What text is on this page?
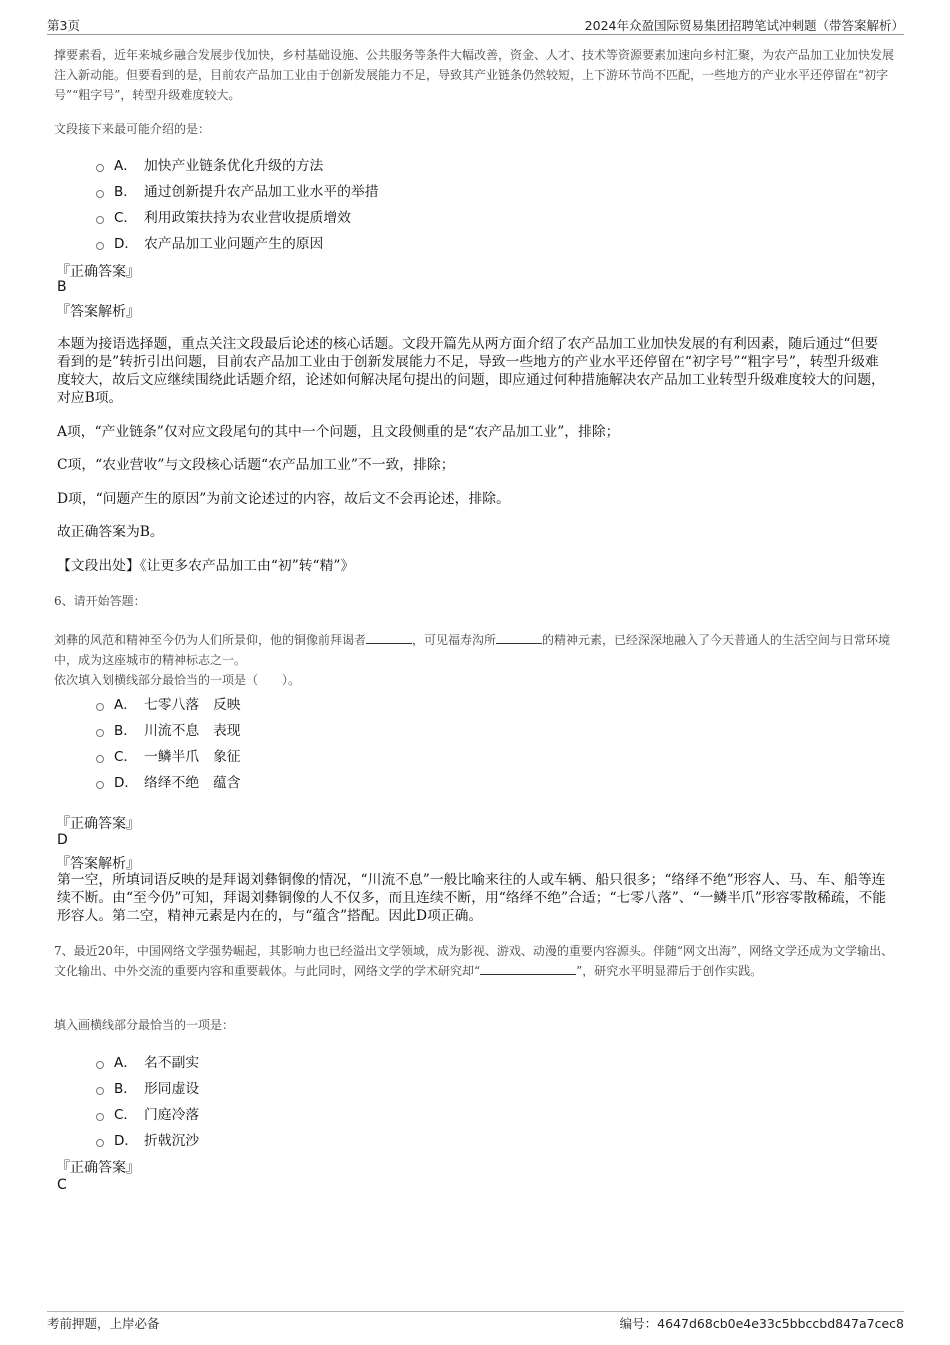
第3页	2024年众盈国际贸易集团招聘笔试冲刺题（带答案解析）
撑要素看，近年来城乡融合发展步伐加快，乡村基础设施、公共服务等条件大幅改善，资金、人才、技术等资源要素加速向乡村汇聚，为农产品加工业加快发展注入新动能。但要看到的是，目前农产品加工业由于创新发展能力不足，导致其产业链条仍然较短，上下游环节尚不匹配，一些地方的产业水平还停留在“初字号”“粗字号”，转型升级难度较大。
文段接下来最可能介绍的是：
A． 加快产业链条优化升级的方法
B． 通过创新提升农产品加工业水平的举措
C． 利用政策扶持为农业营收提质增效
D． 农产品加工业问题产生的原因
『正确答案』
B
『答案解析』
本题为接语选择题，重点关注文段最后论述的核心话题。文段开篇先从两方面介绍了农产品加工业加快发展的有利因素，随后通过“但要看到的是”转折引出问题，目前农产品加工业由于创新发展能力不足，导致一些地方的产业水平还停留在“初字号”“粗字号”，转型升级难度较大，故后文应继续围绕此话题介绍，论述如何解决尾句提出的问题，即应通过何种措施解决农产品加工业转型升级难度较大的问题，对应B项。
A项，“产业链条”仅对应文段尾句的其中一个问题，且文段侧重的是“农产品加工业”，排除；
C项，“农业营收”与文段核心话题“农产品加工业”不一致，排除；
D项，“问题产生的原因”为前文论述过的内容，故后文不会再论述，排除。
故正确答案为B。
【文段出处】《让更多农产品加工由“初”转“精”》
6、请开始答题：
刘彝的风范和精神至今仍为人们所景仰，他的铜像前拜谒者	，可见福寿沟所	的精神元素，已经深深地融入了今天普通人的生活空间与日常环境中，成为这座城市的精神标志之一。
依次填入划横线部分最恰当的一项是（　　）。
A． 七零八落　反映
B． 川流不息　表现
C． 一鳞半爪　象征
D． 络绎不绝　蕴含
『正确答案』
D
『答案解析』
第一空，所填词语反映的是拜谒刘彝铜像的情况，“川流不息”一般比喻来往的人或车辆、船只很多；“络绎不绝”形容人、马、车、船等连续不断。由“至今仍”可知，拜谒刘彝铜像的人不仅多，而且连续不断，用“络绎不绝”合适；“七零八落”、“一鳞半爪”形容零散稀疏，不能形容人。第二空，精神元素是内在的，与“蕴含”搭配。因此D项正确。
7、最近20年，中国网络文学强势崛起，其影响力也已经溢出文学领域，成为影视、游戏、动漫的重要内容源头。伴随“网文出海”，网络文学还成为文学输出、文化输出、中外交流的重要内容和重要载体。与此同时，网络文学的学术研究却“	”，研究水平明显滞后于创作实践。
填入画横线部分最恰当的一项是：
A． 名不副实
B． 形同虚设
C． 门庭冷落
D． 折戟沉沙
『正确答案』
C
考前押题，上岸必备	编号：4647d68cb0e4e33c5bbccbd847a7cec8
